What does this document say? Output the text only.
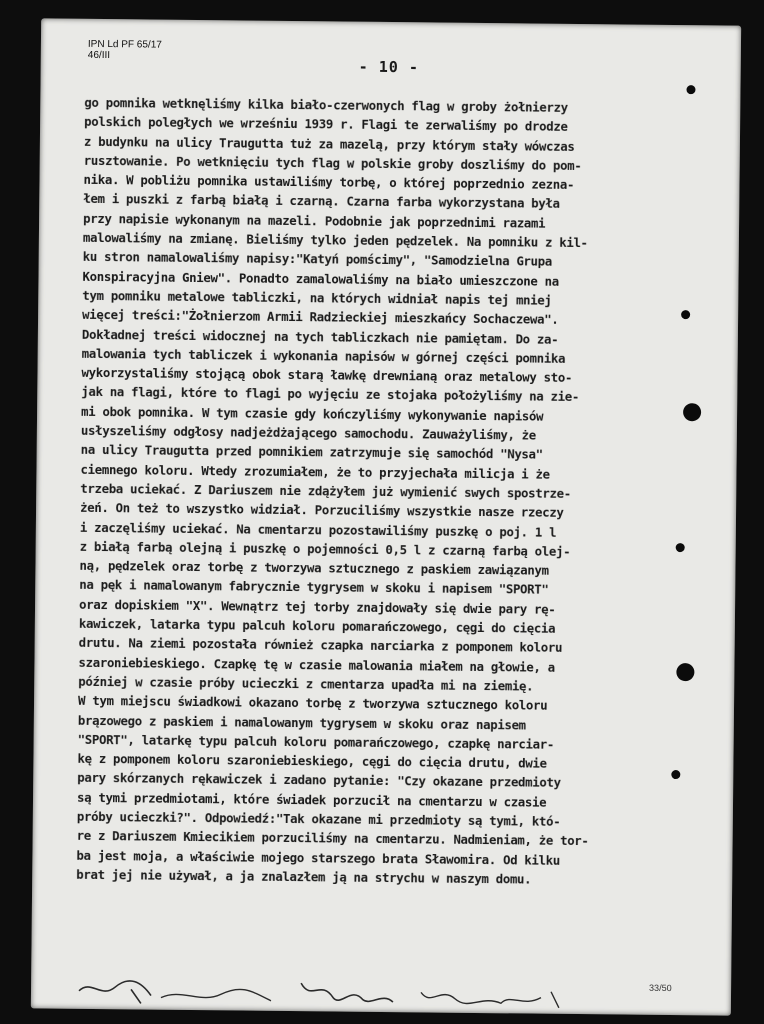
IPN Ld PF 65/17
46/III
- 10 -
go pomnika wetknęliśmy kilka biało-czerwonych flag w groby żołnierzy
polskich poległych we wrześniu 1939 r. Flagi te zerwaliśmy po drodze
z budynku na ulicy Traugutta tuż za mazelą, przy którym stały wówczas
rusztowanie. Po wetknięciu tych flag w polskie groby doszliśmy do pom-
nika. W pobliżu pomnika ustawiliśmy torbę, o której poprzednio zezna-
łem i puszki z farbą białą i czarną. Czarna farba wykorzystana była
przy napisie wykonanym na mazeli. Podobnie jak poprzednimi razami
malowaliśmy na zmianę. Bieliśmy tylko jeden pędzelek. Na pomniku z kil-
ku stron namalowaliśmy napisy:"Katyń pomścimy", "Samodzielna Grupa
Konspiracyjna Gniew". Ponadto zamalowaliśmy na biało umieszczone na
tym pomniku metalowe tabliczki, na których widniał napis tej mniej
więcej treści:"Żołnierzom Armii Radzieckiej mieszkańcy Sochaczewa".
Dokładnej treści widocznej na tych tabliczkach nie pamiętam. Do za-
malowania tych tabliczek i wykonania napisów w górnej części pomnika
wykorzystaliśmy stojącą obok starą ławkę drewnianą oraz metalowy sto-
jak na flagi, które to flagi po wyjęciu ze stojaka położyliśmy na zie-
mi obok pomnika. W tym czasie gdy kończyliśmy wykonywanie napisów
usłyszeliśmy odgłosy nadjeżdżającego samochodu. Zauważyliśmy, że
na ulicy Traugutta przed pomnikiem zatrzymuje się samochód "Nysa"
ciemnego koloru. Wtedy zrozumiałem, że to przyjechała milicja i że
trzeba uciekać. Z Dariuszem nie zdążyłem już wymienić swych spostrze-
żeń. On też to wszystko widział. Porzuciliśmy wszystkie nasze rzeczy
i zaczęliśmy uciekać. Na cmentarzu pozostawiliśmy puszkę o poj. 1 l
z białą farbą olejną i puszkę o pojemności 0,5 l z czarną farbą olej-
ną, pędzelek oraz torbę z tworzywa sztucznego z paskiem zawiązanym
na pęk i namalowanym fabrycznie tygrysem w skoku i napisem "SPORT"
oraz dopiskiem "X". Wewnątrz tej torby znajdowały się dwie pary rę-
kawiczek, latarka typu palcuh koloru pomarańczowego, cęgi do cięcia
drutu. Na ziemi pozostała również czapka narciarka z pomponem koloru
szaroniebieskiego. Czapkę tę w czasie malowania miałem na głowie, a
później w czasie próby ucieczki z cmentarza upadła mi na ziemię.
W tym miejscu świadkowi okazano torbę z tworzywa sztucznego koloru
brązowego z paskiem i namalowanym tygrysem w skoku oraz napisem
"SPORT", latarkę typu palcuh koloru pomarańczowego, czapkę narciar-
kę z pomponem koloru szaroniebieskiego, cęgi do cięcia drutu, dwie
pary skórzanych rękawiczek i zadano pytanie: "Czy okazane przedmioty
są tymi przedmiotami, które świadek porzucił na cmentarzu w czasie
próby ucieczki?". Odpowiedź:"Tak okazane mi przedmioty są tymi, któ-
re z Dariuszem Kmiecikiem porzuciliśmy na cmentarzu. Nadmieniam, że tor-
ba jest moja, a właściwie mojego starszego brata Sławomira. Od kilku
brat jej nie używał, a ja znalazłem ją na strychu w naszym domu.
33/50
